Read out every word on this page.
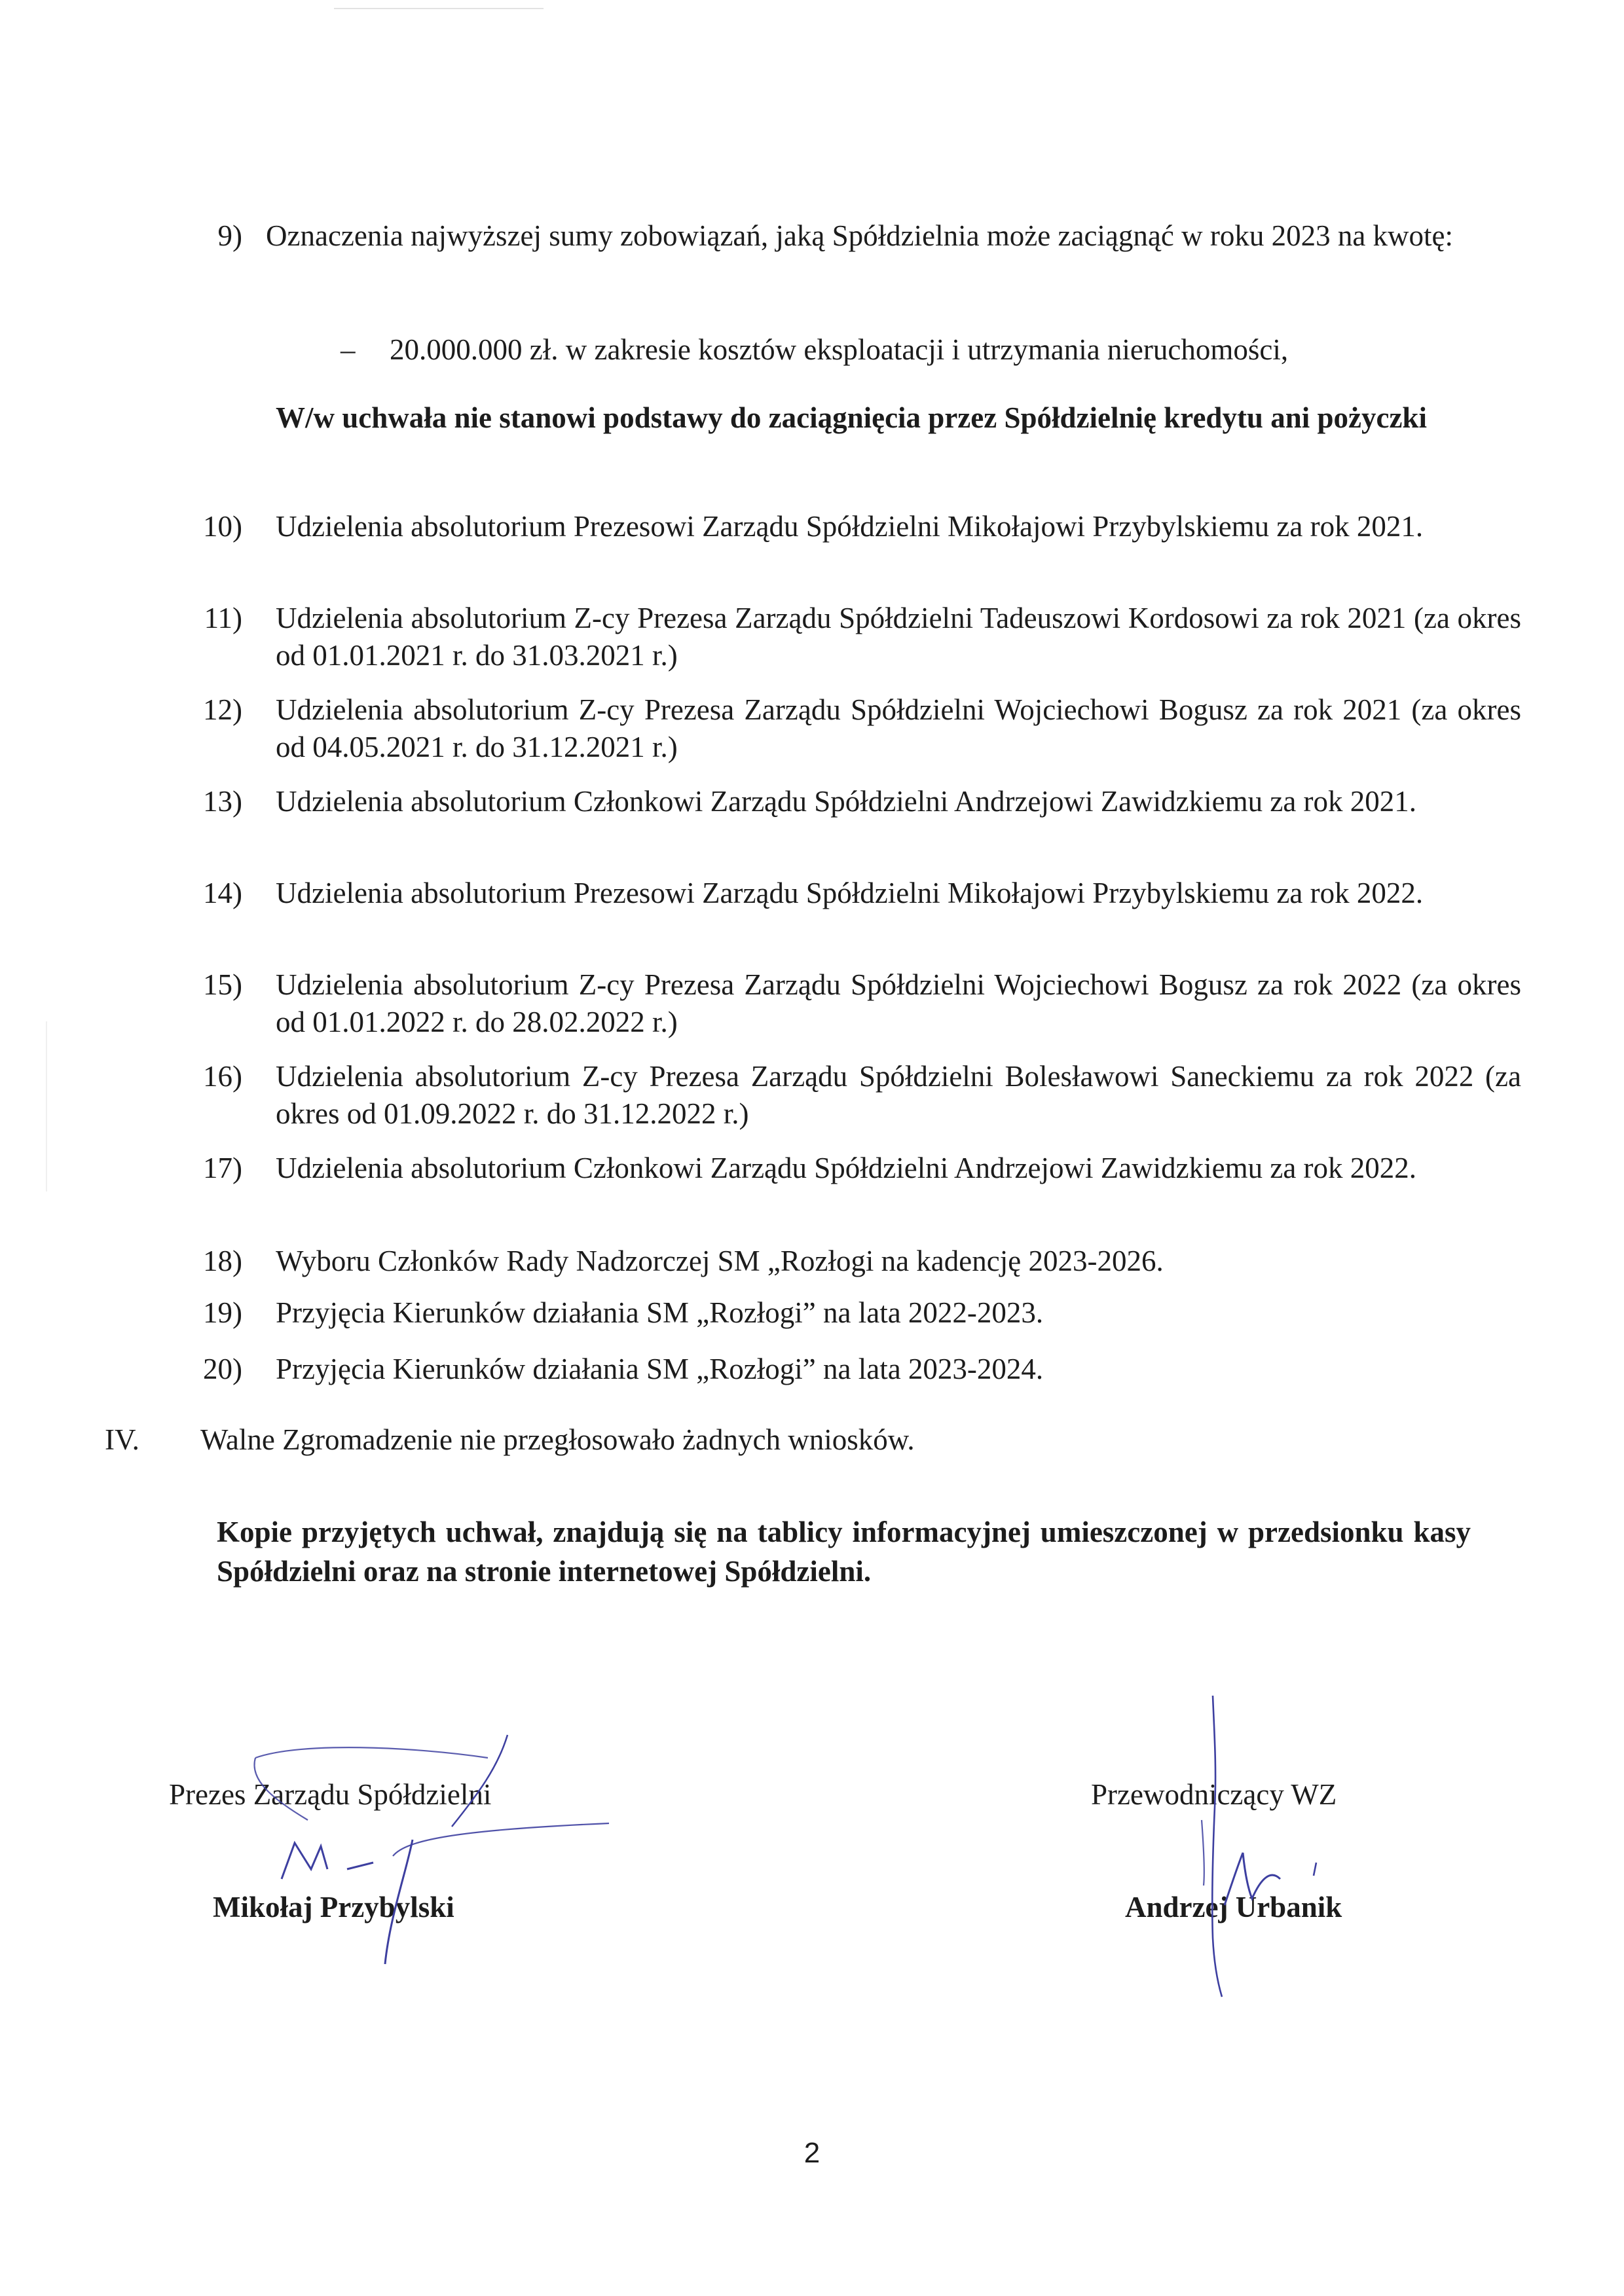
9) Oznaczenia najwyższej sumy zobowiązań, jaką Spółdzielnia może zaciągnąć w roku 2023 na kwotę:
– 20.000.000 zł. w zakresie kosztów eksploatacji i utrzymania nieruchomości,
W/w uchwała nie stanowi podstawy do zaciągnięcia przez Spółdzielnię kredytu ani pożyczki
10) Udzielenia absolutorium Prezesowi Zarządu Spółdzielni Mikołajowi Przybylskiemu za rok 2021.
11) Udzielenia absolutorium Z-cy Prezesa Zarządu Spółdzielni Tadeuszowi Kordosowi za rok 2021 (za okres od 01.01.2021 r. do 31.03.2021 r.)
12) Udzielenia absolutorium Z-cy Prezesa Zarządu Spółdzielni Wojciechowi Bogusz za rok 2021 (za okres od 04.05.2021 r. do 31.12.2021 r.)
13) Udzielenia absolutorium Członkowi Zarządu Spółdzielni Andrzejowi Zawidzkiemu za rok 2021.
14) Udzielenia absolutorium Prezesowi Zarządu Spółdzielni Mikołajowi Przybylskiemu za rok 2022.
15) Udzielenia absolutorium Z-cy Prezesa Zarządu Spółdzielni Wojciechowi Bogusz za rok 2022 (za okres od 01.01.2022 r. do 28.02.2022 r.)
16) Udzielenia absolutorium Z-cy Prezesa Zarządu Spółdzielni Bolesławowi Saneckiemu za rok 2022 (za okres od 01.09.2022 r. do 31.12.2022 r.)
17) Udzielenia absolutorium Członkowi Zarządu Spółdzielni Andrzejowi Zawidzkiemu za rok 2022.
18) Wyboru Członków Rady Nadzorczej SM „Rozłogi na kadencję 2023-2026.
19) Przyjęcia Kierunków działania SM „Rozłogi” na lata 2022-2023.
20) Przyjęcia Kierunków działania SM „Rozłogi” na lata 2023-2024.
IV.	Walne Zgromadzenie nie przegłosowało żadnych wniosków.
Kopie przyjętych uchwał, znajdują się na tablicy informacyjnej umieszczonej w przedsionku kasy Spółdzielni oraz na stronie internetowej Spółdzielni.
Prezes Zarządu Spółdzielni
Mikołaj Przybylski
Przewodniczący WZ
Andrzej Urbanik
2
